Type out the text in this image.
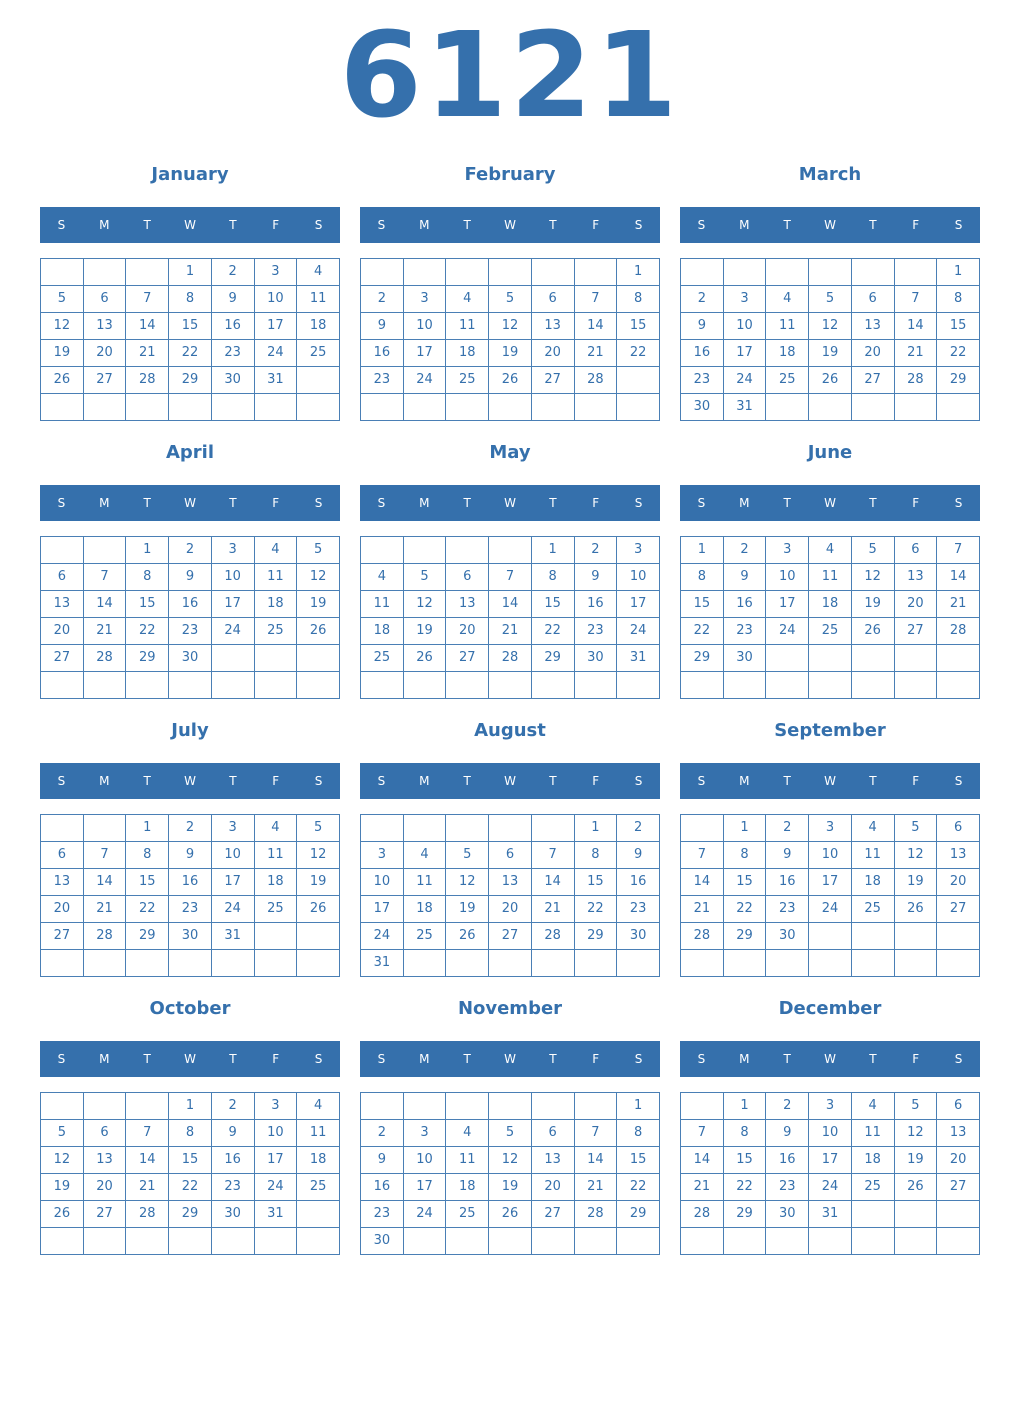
6121
January
S	M	T	W	T	F	S
			1	2	3	4
5	6	7	8	9	10	11
12	13	14	15	16	17	18
19	20	21	22	23	24	25
26	27	28	29	30	31	

February
S	M	T	W	T	F	S
						1
2	3	4	5	6	7	8
9	10	11	12	13	14	15
16	17	18	19	20	21	22
23	24	25	26	27	28	

March
S	M	T	W	T	F	S
						1
2	3	4	5	6	7	8
9	10	11	12	13	14	15
16	17	18	19	20	21	22
23	24	25	26	27	28	29
30	31					
April
S	M	T	W	T	F	S
		1	2	3	4	5
6	7	8	9	10	11	12
13	14	15	16	17	18	19
20	21	22	23	24	25	26
27	28	29	30			

May
S	M	T	W	T	F	S
				1	2	3
4	5	6	7	8	9	10
11	12	13	14	15	16	17
18	19	20	21	22	23	24
25	26	27	28	29	30	31

June
S	M	T	W	T	F	S
1	2	3	4	5	6	7
8	9	10	11	12	13	14
15	16	17	18	19	20	21
22	23	24	25	26	27	28
29	30					

July
S	M	T	W	T	F	S
		1	2	3	4	5
6	7	8	9	10	11	12
13	14	15	16	17	18	19
20	21	22	23	24	25	26
27	28	29	30	31		

August
S	M	T	W	T	F	S
					1	2
3	4	5	6	7	8	9
10	11	12	13	14	15	16
17	18	19	20	21	22	23
24	25	26	27	28	29	30
31						
September
S	M	T	W	T	F	S
	1	2	3	4	5	6
7	8	9	10	11	12	13
14	15	16	17	18	19	20
21	22	23	24	25	26	27
28	29	30				

October
S	M	T	W	T	F	S
			1	2	3	4
5	6	7	8	9	10	11
12	13	14	15	16	17	18
19	20	21	22	23	24	25
26	27	28	29	30	31	

November
S	M	T	W	T	F	S
						1
2	3	4	5	6	7	8
9	10	11	12	13	14	15
16	17	18	19	20	21	22
23	24	25	26	27	28	29
30						
December
S	M	T	W	T	F	S
	1	2	3	4	5	6
7	8	9	10	11	12	13
14	15	16	17	18	19	20
21	22	23	24	25	26	27
28	29	30	31			
